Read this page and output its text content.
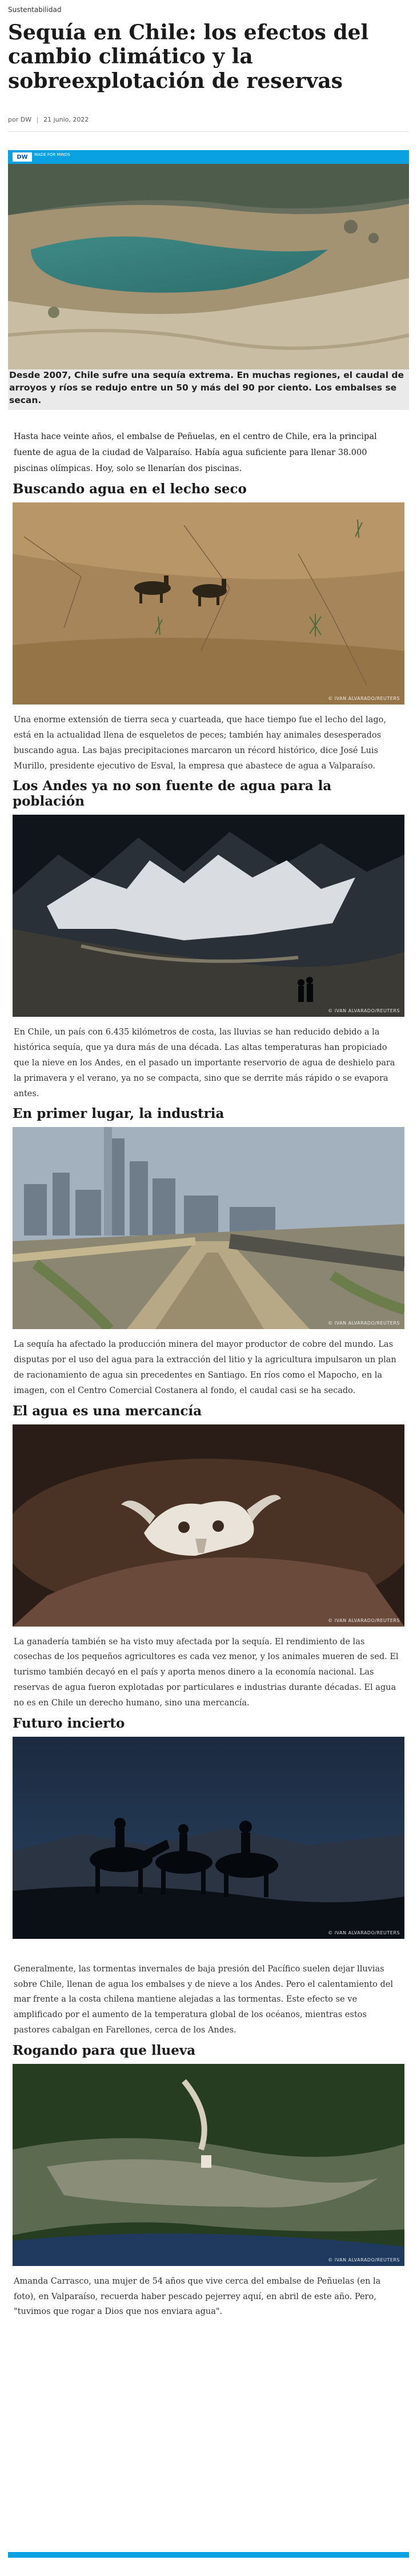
Sustentabilidad
Sequía en Chile: los efectos del cambio climático y la sobreexplotación de reservas
por DW 21 junio, 2022
DW	MADE FOR MINDS
Desde 2007, Chile sufre una sequía extrema. En muchas regiones, el caudal de arroyos y ríos se redujo entre un 50 y más del 90 por ciento. Los embalses se secan.

Hasta hace veinte años, el embalse de Peñuelas, en el centro de Chile, era la principal fuente de agua de la ciudad de Valparaíso. Había agua suficiente para llenar 38.000 piscinas olímpicas. Hoy, solo se llenarían dos piscinas.

Buscando agua en el lecho seco
© IVAN ALVARADO/REUTERS

Una enorme extensión de tierra seca y cuarteada, que hace tiempo fue el lecho del lago, está en la actualidad llena de esqueletos de peces; también hay animales desesperados buscando agua. Las bajas precipitaciones marcaron un récord histórico, dice José Luis Murillo, presidente ejecutivo de Esval, la empresa que abastece de agua a Valparaíso.

Los Andes ya no son fuente de agua para la población
© IVAN ALVARADO/REUTERS

En Chile, un país con 6.435 kilómetros de costa, las lluvias se han reducido debido a la histórica sequía, que ya dura más de una década. Las altas temperaturas han propiciado que la nieve en los Andes, en el pasado un importante reservorio de agua de deshielo para la primavera y el verano, ya no se compacta, sino que se derrite más rápido o se evapora antes.

En primer lugar, la industria
© IVAN ALVARADO/REUTERS

La sequía ha afectado la producción minera del mayor productor de cobre del mundo. Las disputas por el uso del agua para la extracción del litio y la agricultura impulsaron un plan de racionamiento de agua sin precedentes en Santiago. En ríos como el Mapocho, en la imagen, con el Centro Comercial Costanera al fondo, el caudal casi se ha secado.

El agua es una mercancía
© IVAN ALVARADO/REUTERS

La ganadería también se ha visto muy afectada por la sequía. El rendimiento de las cosechas de los pequeños agricultores es cada vez menor, y los animales mueren de sed. El turismo también decayó en el país y aporta menos dinero a la economía nacional. Las reservas de agua fueron explotadas por particulares e industrias durante décadas. El agua no es en Chile un derecho humano, sino una mercancía.

Futuro incierto
© IVAN ALVARADO/REUTERS

Generalmente, las tormentas invernales de baja presión del Pacífico suelen dejar lluvias sobre Chile, llenan de agua los embalses y de nieve a los Andes. Pero el calentamiento del mar frente a la costa chilena mantiene alejadas a las tormentas. Este efecto se ve amplificado por el aumento de la temperatura global de los océanos, mientras estos pastores cabalgan en Farellones, cerca de los Andes.

Rogando para que llueva
© IVAN ALVARADO/REUTERS

Amanda Carrasco, una mujer de 54 años que vive cerca del embalse de Peñuelas (en la foto), en Valparaíso, recuerda haber pescado pejerrey aquí, en abril de este año. Pero, "tuvimos que rogar a Dios que nos enviara agua".
